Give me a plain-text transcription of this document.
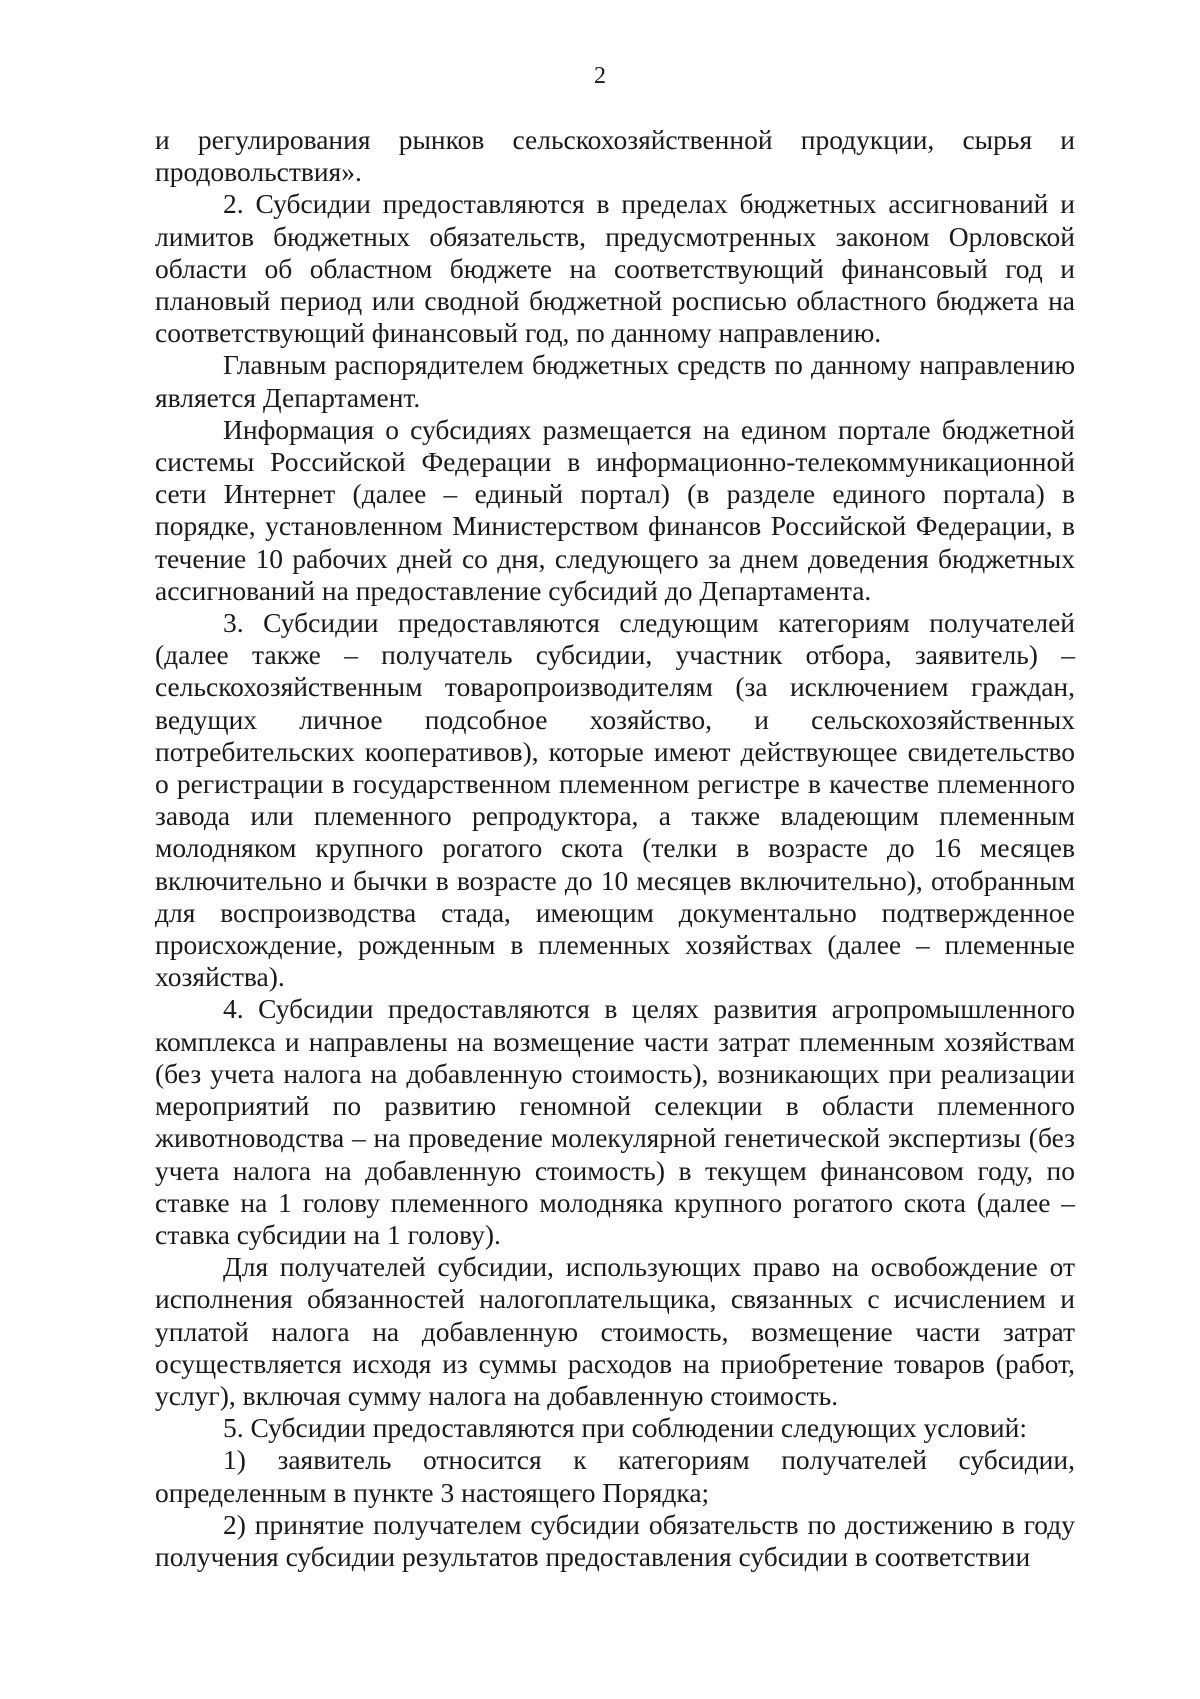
2

и регулирования рынков сельскохозяйственной продукции, сырья и продовольствия».

2. Субсидии предоставляются в пределах бюджетных ассигнований и лимитов бюджетных обязательств, предусмотренных законом Орловской области об областном бюджете на соответствующий финансовый год и плановый период или сводной бюджетной росписью областного бюджета на соответствующий финансовый год, по данному направлению.

Главным распорядителем бюджетных средств по данному направлению является Департамент.

Информация о субсидиях размещается на едином портале бюджетной системы Российской Федерации в информационно-телекоммуникационной сети Интернет (далее – единый портал) (в разделе единого портала) в порядке, установленном Министерством финансов Российской Федерации, в течение 10 рабочих дней со дня, следующего за днем доведения бюджетных ассигнований на предоставление субсидий до Департамента.

3. Субсидии предоставляются следующим категориям получателей (далее также – получатель субсидии, участник отбора, заявитель) – сельскохозяйственным товаропроизводителям (за исключением граждан, ведущих личное подсобное хозяйство, и сельскохозяйственных потребительских кооперативов), которые имеют действующее свидетельство о регистрации в государственном племенном регистре в качестве племенного завода или племенного репродуктора, а также владеющим племенным молодняком крупного рогатого скота (телки в возрасте до 16 месяцев включительно и бычки в возрасте до 10 месяцев включительно), отобранным для воспроизводства стада, имеющим документально подтвержденное происхождение, рожденным в племенных хозяйствах (далее – племенные хозяйства).

4. Субсидии предоставляются в целях развития агропромышленного комплекса и направлены на возмещение части затрат племенным хозяйствам (без учета налога на добавленную стоимость), возникающих при реализации мероприятий по развитию геномной селекции в области племенного животноводства – на проведение молекулярной генетической экспертизы (без учета налога на добавленную стоимость) в текущем финансовом году, по ставке на 1 голову племенного молодняка крупного рогатого скота (далее – ставка субсидии на 1 голову).

Для получателей субсидии, использующих право на освобождение от исполнения обязанностей налогоплательщика, связанных с исчислением и уплатой налога на добавленную стоимость, возмещение части затрат осуществляется исходя из суммы расходов на приобретение товаров (работ, услуг), включая сумму налога на добавленную стоимость.

5. Субсидии предоставляются при соблюдении следующих условий:

1) заявитель относится к категориям получателей субсидии, определенным в пункте 3 настоящего Порядка;

2) принятие получателем субсидии обязательств по достижению в году получения субсидии результатов предоставления субсидии в соответствии
